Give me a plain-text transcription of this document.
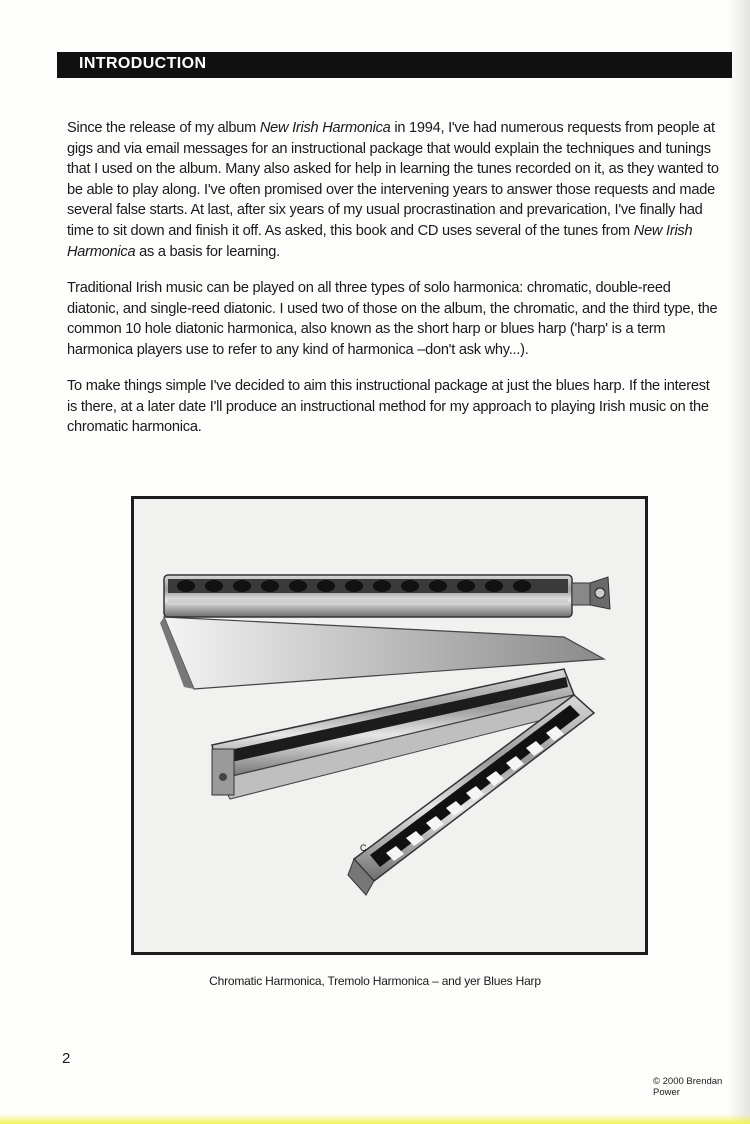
INTRODUCTION

Since the release of my album New Irish Harmonica in 1994, I've had numerous requests from people at gigs and via email messages for an instructional package that would explain the techniques and tunings that I used on the album. Many also asked for help in learning the tunes recorded on it, as they wanted to be able to play along. I've often promised over the intervening years to answer those requests and made several false starts. At last, after six years of my usual procrastination and prevarication, I've finally had time to sit down and finish it off. As asked, this book and CD uses several of the tunes from New Irish Harmonica as a basis for learning.

Traditional Irish music can be played on all three types of solo harmonica: chromatic, double-reed diatonic, and single-reed diatonic. I used two of those on the album, the chromatic, and the third type, the common 10 hole diatonic harmonica, also known as the short harp or blues harp ('harp' is a term harmonica players use to refer to any kind of harmonica –don't ask why...).

To make things simple I've decided to aim this instructional package at just the blues harp. If the interest is there, at a later date I'll produce an instructional method for my approach to playing Irish music on the chromatic harmonica.

C
Chromatic Harmonica, Tremolo Harmonica – and yer Blues Harp
2
© 2000 Brendan Power
